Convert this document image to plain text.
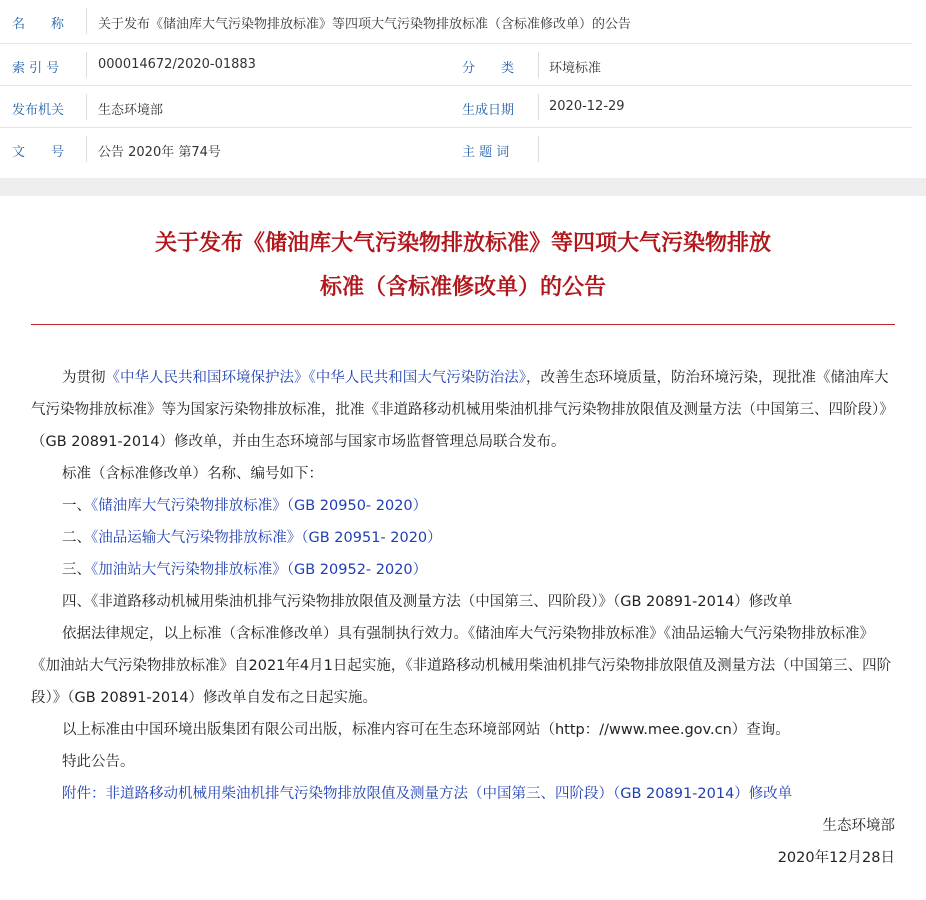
名　　称	关于发布《储油库大气污染物排放标准》等四项大气污染物排放标准（含标准修改单）的公告
索 引 号	000014672/2020-01883	分　　类	环境标准
发布机关	生态环境部	生成日期	2020-12-29
文　　号	公告 2020年 第74号	主 题 词
关于发布《储油库大气污染物排放标准》等四项大气污染物排放
标准（含标准修改单）的公告

为贯彻《中华人民共和国环境保护法》《中华人民共和国大气污染防治法》，改善生态环境质量，防治环境污染，现批准《储油库大气污染物排放标准》等为国家污染物排放标准，批准《非道路移动机械用柴油机排气污染物排放限值及测量方法（中国第三、四阶段）》（GB 20891-2014）修改单，并由生态环境部与国家市场监督管理总局联合发布。

标准（含标准修改单）名称、编号如下：

一、《储油库大气污染物排放标准》（GB 20950- 2020）

二、《油品运输大气污染物排放标准》（GB 20951- 2020）

三、《加油站大气污染物排放标准》（GB 20952- 2020）

四、《非道路移动机械用柴油机排气污染物排放限值及测量方法（中国第三、四阶段）》（GB 20891-2014）修改单

依据法律规定，以上标准（含标准修改单）具有强制执行效力。《储油库大气污染物排放标准》《油品运输大气污染物排放标准》《加油站大气污染物排放标准》自2021年4月1日起实施，《非道路移动机械用柴油机排气污染物排放限值及测量方法（中国第三、四阶段）》（GB 20891-2014）修改单自发布之日起实施。

以上标准由中国环境出版集团有限公司出版，标准内容可在生态环境部网站（http：//www.mee.gov.cn）查询。

特此公告。

附件：非道路移动机械用柴油机排气污染物排放限值及测量方法（中国第三、四阶段）（GB 20891-2014）修改单

生态环境部

2020年12月28日
